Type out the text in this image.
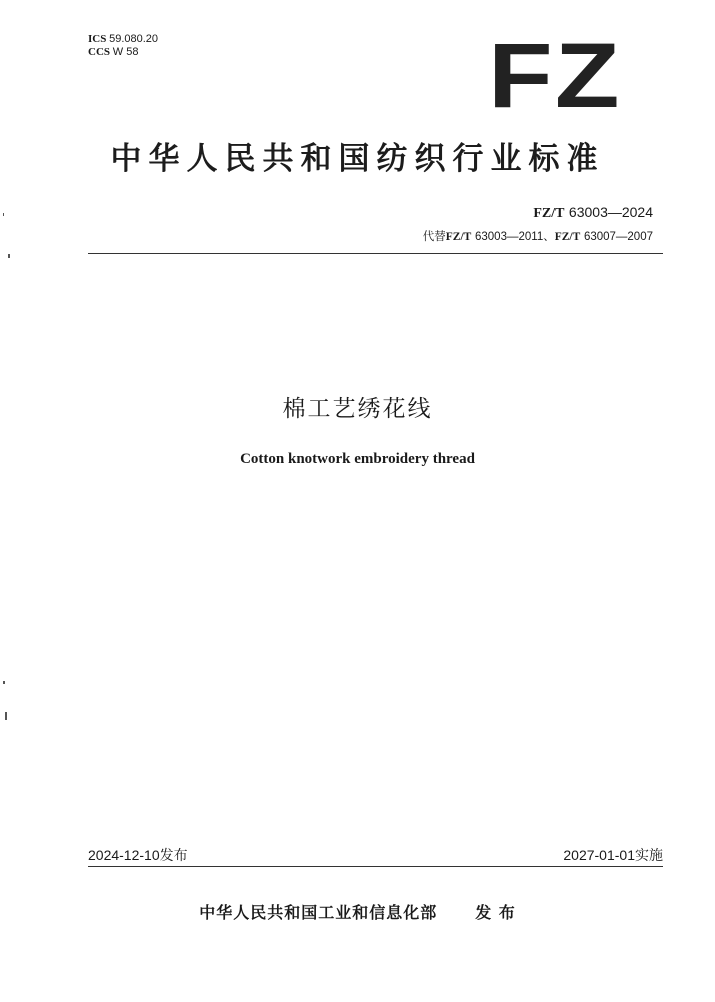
ICS 59.080.20
CCS W 58	FZ
中华人民共和国纺织行业标准
FZ/T 63003—2024
代替FZ/T 63003—2011、FZ/T 63007—2007
棉工艺绣花线
Cotton knotwork embroidery thread
2024-12-10发布	2027-01-01实施
中华人民共和国工业和信息化部 发 布
